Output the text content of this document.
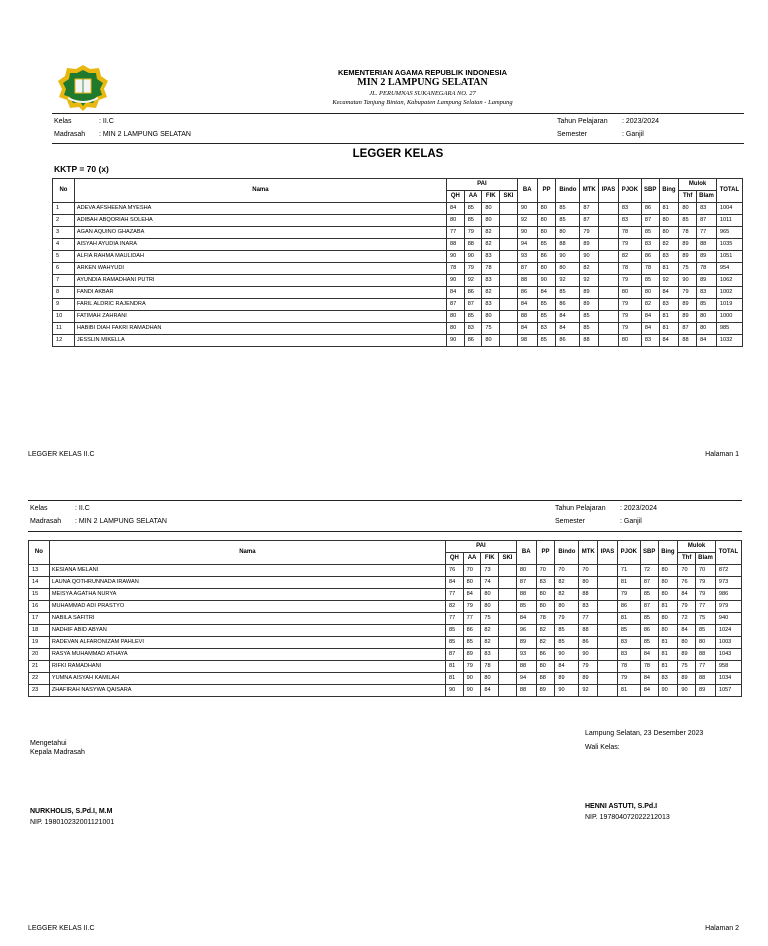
KEMENTERIAN AGAMA REPUBLIK INDONESIA
MIN 2 LAMPUNG SELATAN
JL. PERUMNAS SUKANEGARA NO. 27
Kecamatan Tanjung Bintan, Kabupaten Lampung Selatan - Lampung
Kelas	: II.C
Madrasah : MIN 2 LAMPUNG SELATAN
Tahun Pelajaran : 2023/2024
Semester	: Ganjil
LEGGER KELAS
KKTP = 70 (x)
No	Nama	PAI				BA	PP	Bindo	MTK	IPAS	PJOK	SBP	Bing	Mulok		TOTAL
		QH	AA	FIK	SKI									Thf	Blam	
1	ADEVA AFSHEENA MYESHA	84	85	80		90	80	85	87		83	86	81	80	83	1004
2	ADIBAH ABQORIAH SOLEHA	80	85	80		92	80	85	87		83	87	80	85	87	1011
3	AGAN AQUINO GHAZABA	77	79	82		90	80	80	79		78	85	80	78	77	965
4	AISYAH AYUDIA INARA	88	88	82		94	85	88	89		79	83	82	89	88	1035
5	ALFIA RAHMA MAULIDAH	90	90	83		93	86	90	90		82	86	83	89	89	1051
6	ARKEN WAHYUDI	78	79	78		87	80	80	82		78	78	81	75	78	954
7	AYUNDIA RAMADHANI PUTRI	90	92	83		88	90	92	92		79	85	92	90	89	1062
8	FANDI AKBAR	84	86	82		86	84	85	89		80	80	84	79	83	1002
9	FARIL ALDRIC RAJENDRA	87	87	83		84	85	86	89		79	82	83	89	85	1019
10	FATIMAH ZAHRANI	80	85	80		88	85	84	85		79	84	81	89	80	1000
11	HABIBI DIAH FAKRI RAMADHAN	80	83	75		84	83	84	85		79	84	81	87	80	985
12	JESSLIN MIKELLA	90	86	80		98	85	86	88		80	83	84	88	84	1032
LEGGER KELAS II.C	Halaman 1
Kelas	: II.C
Madrasah : MIN 2 LAMPUNG SELATAN
Tahun Pelajaran : 2023/2024
Semester	: Ganjil
No	Nama	PAI				BA	PP	Bindo	MTK	IPAS	PJOK	SBP	Bing	Mulok		TOTAL
		QH	AA	FIK	SKI									Thf	Blam	
13	KESIANA MELANI	76	70	73		80	70	70	70		71	72	80	70	70	872
14	LAUNA QOTHRUNNADA IRAWAN	84	80	74		87	83	82	80		81	87	80	76	79	973
15	MEISYA AGATHA NURYA	77	84	80		88	80	82	88		79	85	80	84	79	986
16	MUHAMMAD ADI PRASTYO	82	79	80		85	80	80	83		86	87	81	79	77	979
17	NABILA SAFITRI	77	77	75		84	78	79	77		81	85	80	72	75	940
18	NADHIF ABID ABYAN	85	86	82		96	82	85	88		85	86	80	84	85	1024
19	RADEVAN ALFARONIZAM PAHLEVI	85	85	82		89	82	85	86		83	85	81	80	80	1003
20	RASYA MUHAMMAD ATHAYA	87	89	83		93	86	90	90		83	84	81	89	88	1043
21	RIFKI RAMADHANI	81	79	78		88	80	84	79		78	78	81	75	77	958
22	YUMNA AISYAH KAMILAH	81	90	80		94	88	89	89		79	84	83	89	88	1034
23	ZHAFIRAH NASYWA QAISARA	90	90	84		88	89	90	92		81	84	90	90	89	1057
Mengetahui
Kepala Madrasah
NURKHOLIS, S.Pd.I, M.M
NIP. 198010232001121001
Lampung Selatan, 23 Desember 2023
Wali Kelas:
HENNI ASTUTI, S.Pd.I
NIP. 197804072022212013
LEGGER KELAS II.C	Halaman 2
